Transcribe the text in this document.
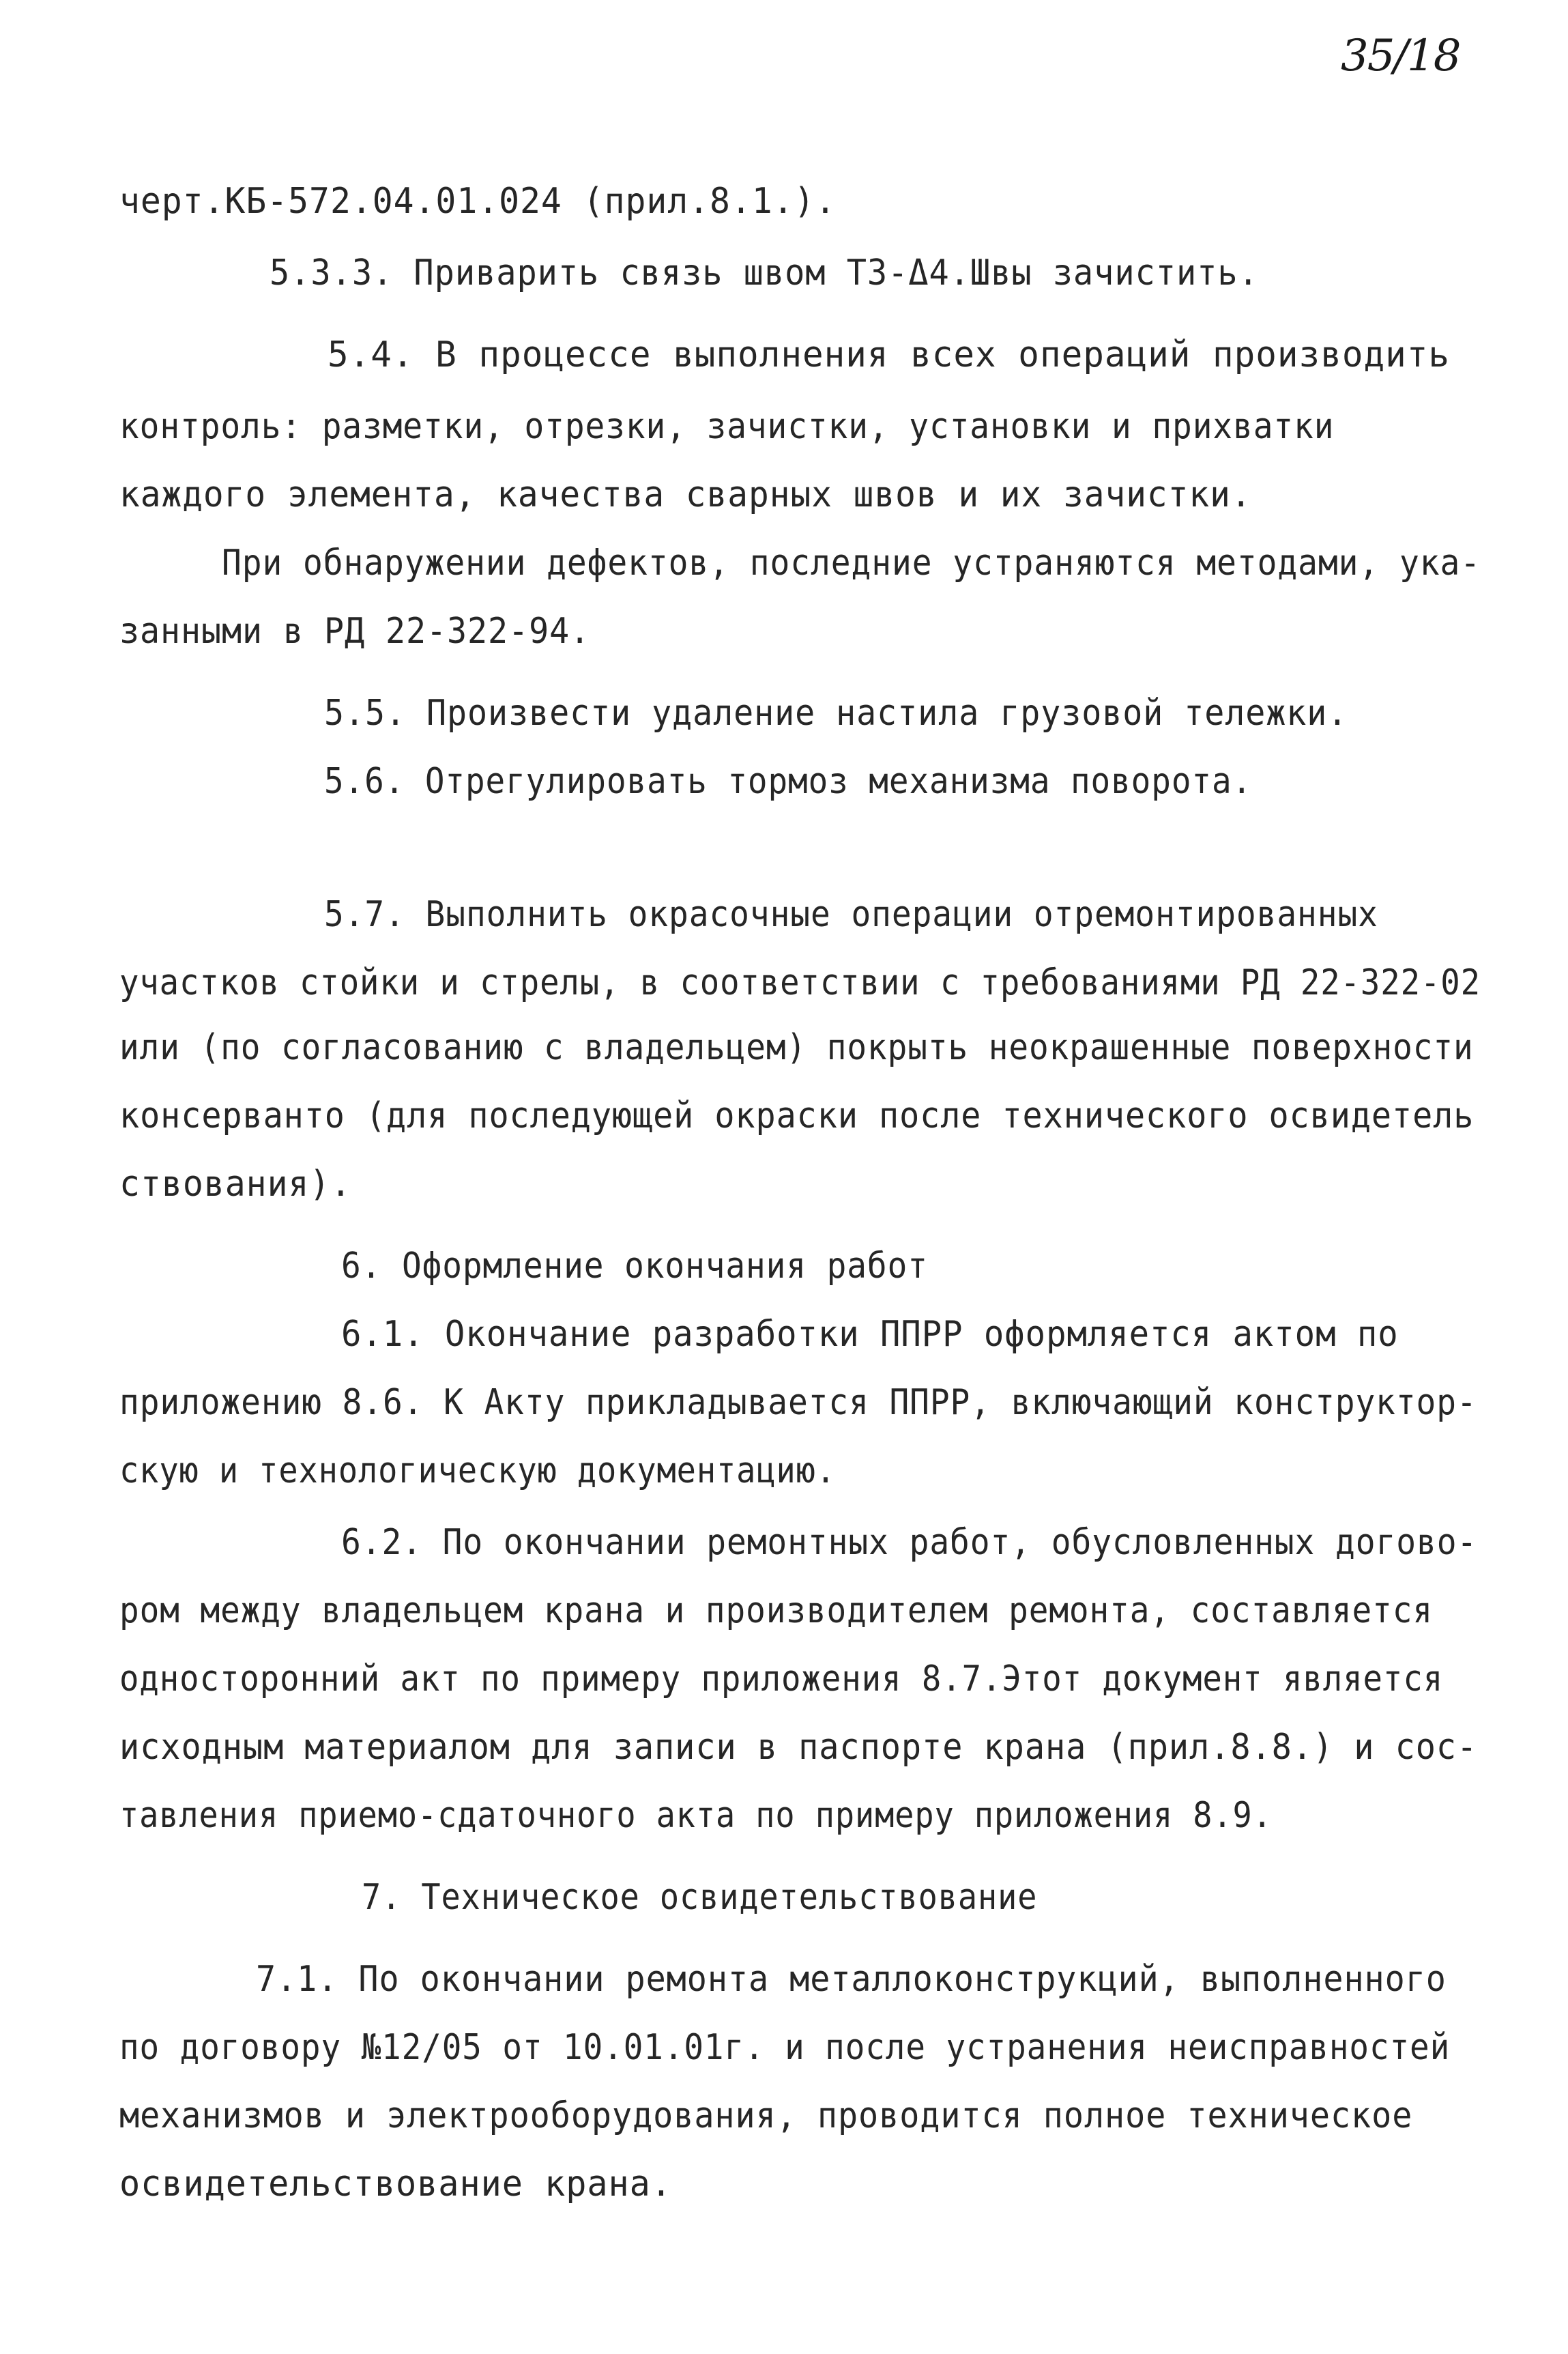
35/18
черт.КБ-572.04.01.024 (прил.8.1.).
5.3.3. Приварить связь швом Т3-Δ4.Швы зачистить.
5.4. В процессе выполнения всех операций производить
контроль: разметки, отрезки, зачистки, установки и прихватки
каждого элемента, качества сварных швов и их зачистки.
При обнаружении дефектов, последние устраняются методами, ука-
занными в РД 22-322-94.
5.5. Произвести удаление настила грузовой тележки.
5.6. Отрегулировать тормоз механизма поворота.
5.7. Выполнить окрасочные операции отремонтированных
участков стойки и стрелы, в соответствии с требованиями РД 22-322-02
или (по согласованию с владельцем) покрыть неокрашенные поверхности
консерванто (для последующей окраски после технического освидетель
ствования).
6. Оформление окончания работ
6.1. Окончание разработки ППРР оформляется актом по
приложению 8.6. К Акту прикладывается ППРР, включающий конструктор-
скую и технологическую документацию.
6.2. По окончании ремонтных работ, обусловленных догово-
ром между владельцем крана и производителем ремонта, составляется
односторонний акт по примеру приложения 8.7.Этот документ является
исходным материалом для записи в паспорте крана (прил.8.8.) и сос-
тавления приемо-сдаточного акта по примеру приложения 8.9.
7. Техническое освидетельствование
7.1. По окончании ремонта металлоконструкций, выполненного
по договору №12/05 от 10.01.01г. и после устранения неисправностей
механизмов и электрооборудования, проводится полное техническое
освидетельствование крана.
